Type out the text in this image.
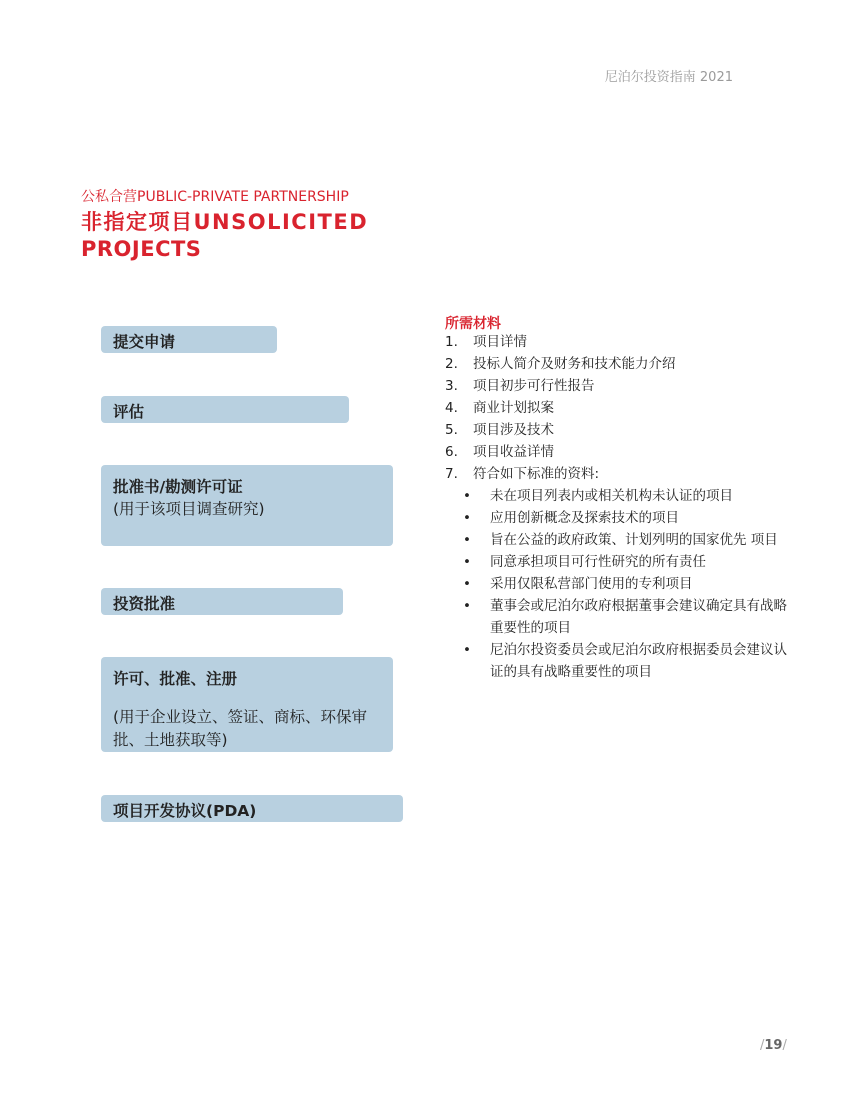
尼泊尔投资指南 2021
公私合营PUBLIC-PRIVATE PARTNERSHIP
非指定项目UNSOLICITED
PROJECTS
提交申请
评估
批准书/勘测许可证
(用于该项目调查研究)
投资批准
许可、批准、注册
(用于企业设立、签证、商标、环保审批、土地获取等)
项目开发协议(PDA)
所需材料
1. 项目详情
2. 投标人简介及财务和技术能力介绍
3. 项目初步可行性报告
4. 商业计划拟案
5. 项目涉及技术
6. 项目收益详情
7. 符合如下标准的资料:
• 未在项目列表内或相关机构未认证的项目
• 应用创新概念及探索技术的项目
• 旨在公益的政府政策、计划列明的国家优先 项目
• 同意承担项目可行性研究的所有责任
• 采用仅限私营部门使用的专利项目
• 董事会或尼泊尔政府根据董事会建议确定具有战略重要性的项目
• 尼泊尔投资委员会或尼泊尔政府根据委员会建议认证的具有战略重要性的项目
/19/
